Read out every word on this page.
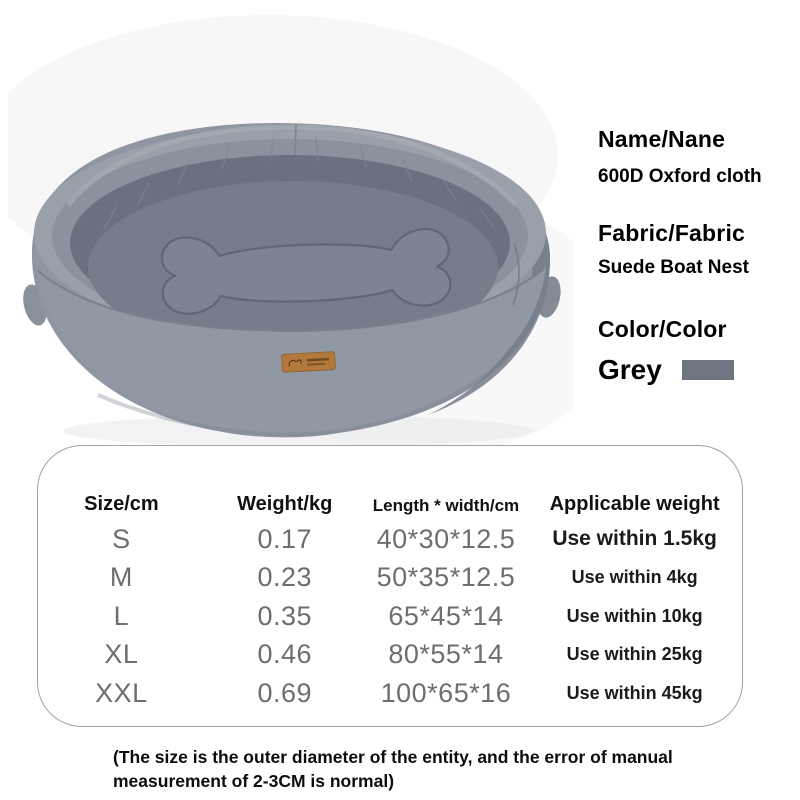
Name/Nane
600D Oxford cloth
Fabric/Fabric
Suede Boat Nest
Color/Color
Grey
Size/cm	Weight/kg	Length * width/cm	Applicable weight
S	0.17	40*30*12.5	Use within 1.5kg
M	0.23	50*35*12.5	Use within 4kg
L	0.35	65*45*14	Use within 10kg
XL	0.46	80*55*14	Use within 25kg
XXL	0.69	100*65*16	Use within 45kg

(The size is the outer diameter of the entity, and the error of manual measurement of 2-3CM is normal)
